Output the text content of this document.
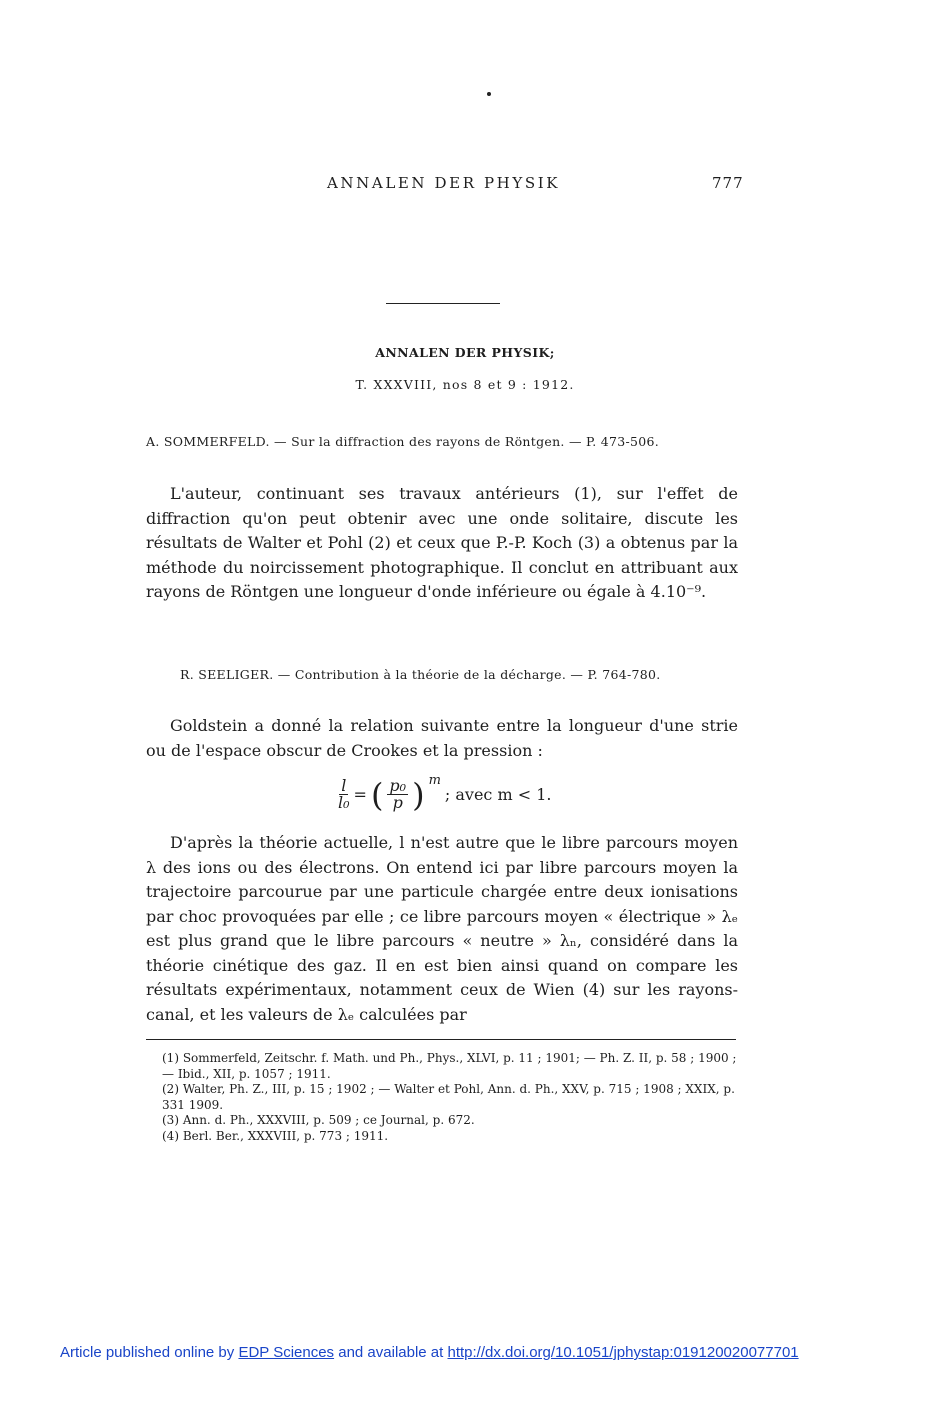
ANNALEN DER PHYSIK	777
ANNALEN DER PHYSIK;
T. XXXVIII, nos 8 et 9 : 1912.
A. SOMMERFELD. — Sur la diffraction des rayons de Röntgen. — P. 473-506.

L'auteur, continuant ses travaux antérieurs (1), sur l'effet de diffraction qu'on peut obtenir avec une onde solitaire, discute les résultats de Walter et Pohl (2) et ceux que P.-P. Koch (3) a obtenus par la méthode du noircissement photographique. Il conclut en attribuant aux rayons de Röntgen une longueur d'onde inférieure ou égale à 4.10⁻⁹.

R. SEELIGER. — Contribution à la théorie de la décharge. — P. 764-780.

Goldstein a donné la relation suivante entre la longueur d'une strie ou de l'espace obscur de Crookes et la pression :

$\frac{l}{\text{l₀}}$ = ( $\frac{\text{p₀}}{p}$ ) m
; avec m < 1.

D'après la théorie actuelle, l n'est autre que le libre parcours moyen λ des ions ou des électrons. On entend ici par libre parcours moyen la trajectoire parcourue par une particule chargée entre deux ionisations par choc provoquées par elle ; ce libre parcours moyen « électrique » λₑ est plus grand que le libre parcours « neutre » λₙ, considéré dans la théorie cinétique des gaz. Il en est bien ainsi quand on compare les résultats expérimentaux, notamment ceux de Wien (4) sur les rayons-canal, et les valeurs de λₑ calculées par

(1) Sommerfeld, Zeitschr. f. Math. und Ph., Phys., XLVI, p. 11 ; 1901; — Ph. Z. II, p. 58 ; 1900 ; — Ibid., XII, p. 1057 ; 1911.
(2) Walter, Ph. Z., III, p. 15 ; 1902 ; — Walter et Pohl, Ann. d. Ph., XXV, p. 715 ; 1908 ; XXIX, p. 331 1909.
(3) Ann. d. Ph., XXXVIII, p. 509 ; ce Journal, p. 672.
(4) Berl. Ber., XXXVIII, p. 773 ; 1911.
Article published online by EDP Sciences and available at http://dx.doi.org/10.1051/jphystap:019120020077701
